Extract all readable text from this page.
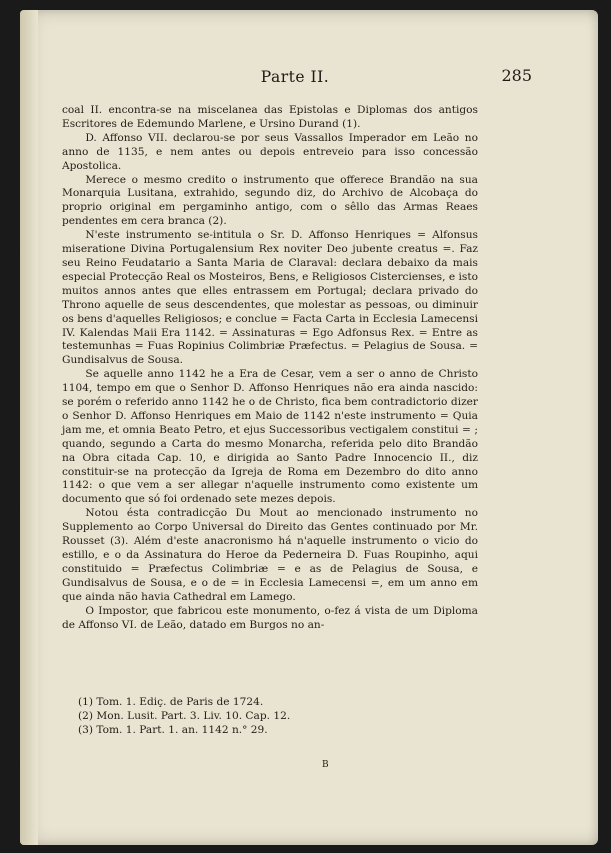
Parte II.	285

coal II. encontra-se na miscelanea das Epistolas e Diplomas dos antigos Escritores de Edemundo Marlene, e Ursino Durand (1).

D. Affonso VII. declarou-se por seus Vassallos Imperador em Leão no anno de 1135, e nem antes ou depois entreveio para isso concessão Apostolica.

Merece o mesmo credito o instrumento que offerece Brandão na sua Monarquia Lusitana, extrahido, segundo diz, do Archivo de Alcobaça do proprio original em pergaminho antigo, com o sêllo das Armas Reaes pendentes em cera branca (2).

N'este instrumento se-intitula o Sr. D. Affonso Henriques = Alfonsus miseratione Divina Portugalensium Rex noviter Deo jubente creatus =. Faz seu Reino Feudatario a Santa Maria de Claraval: declara debaixo da mais especial Protecção Real os Mosteiros, Bens, e Religiosos Cistercienses, e isto muitos annos antes que elles entrassem em Portugal; declara privado do Throno aquelle de seus descendentes, que molestar as pessoas, ou diminuir os bens d'aquelles Religiosos; e conclue = Facta Carta in Ecclesia Lamecensi IV. Kalendas Maii Era 1142. = Assinaturas = Ego Adfonsus Rex. = Entre as testemunhas = Fuas Ropinius Colimbriæ Præfectus. = Pelagius de Sousa. = Gundisalvus de Sousa.

Se aquelle anno 1142 he a Era de Cesar, vem a ser o anno de Christo 1104, tempo em que o Senhor D. Affonso Henriques não era ainda nascido: se porém o referido anno 1142 he o de Christo, fica bem contradictorio dizer o Senhor D. Affonso Henriques em Maio de 1142 n'este instrumento = Quia jam me, et omnia Beato Petro, et ejus Successoribus vectigalem constitui = ; quando, segundo a Carta do mesmo Monarcha, referida pelo dito Brandão na Obra citada Cap. 10, e dirigida ao Santo Padre Innocencio II., diz constituir-se na protecção da Igreja de Roma em Dezembro do dito anno 1142: o que vem a ser allegar n'aquelle instrumento como existente um documento que só foi ordenado sete mezes depois.

Notou ésta contradicção Du Mout ao mencionado instrumento no Supplemento ao Corpo Universal do Direito das Gentes continuado por Mr. Rousset (3). Além d'este anacronismo há n'aquelle instrumento o vicio do estillo, e o da Assinatura do Heroe da Pederneira D. Fuas Roupinho, aqui constituido = Præfectus Colimbriæ = e as de Pelagius de Sousa, e Gundisalvus de Sousa, e o de = in Ecclesia Lamecensi =, em um anno em que ainda não havia Cathedral em Lamego.

O Impostor, que fabricou este monumento, o-fez á vista de um Diploma de Affonso VI. de Leão, datado em Burgos no an-

(1) Tom. 1. Ediç. de Paris de 1724.
(2) Mon. Lusit. Part. 3. Liv. 10. Cap. 12.
(3) Tom. 1. Part. 1. an. 1142 n.° 29.
B
